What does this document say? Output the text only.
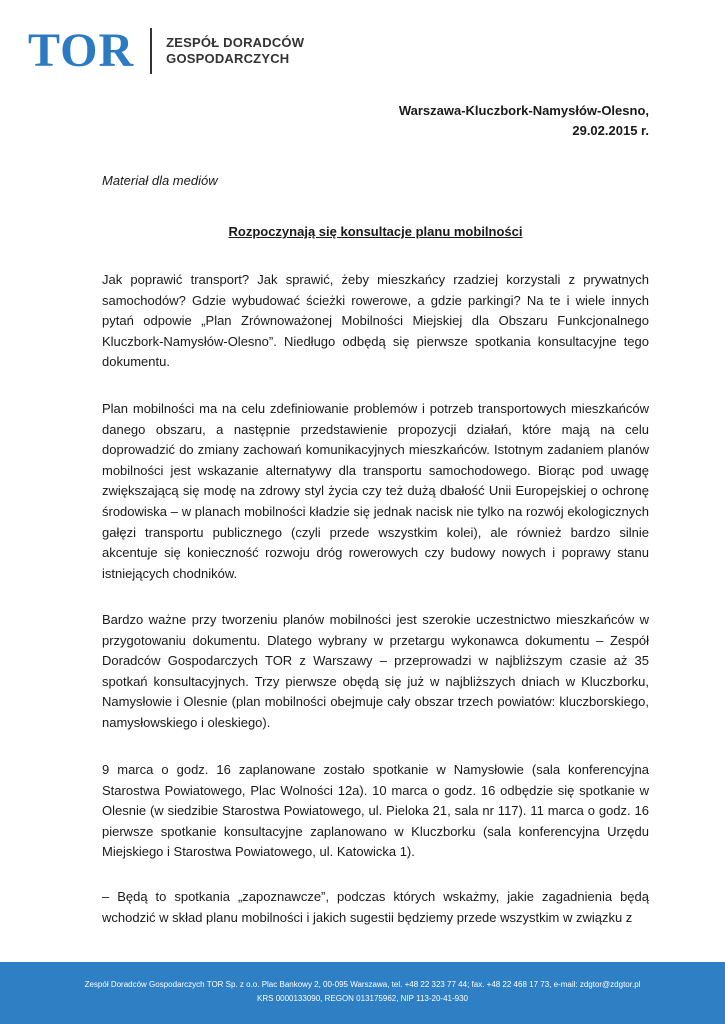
TOR ZESPÓŁ DORADCÓW
GOSPODARCZYCH
Warszawa-Kluczbork-Namysłów-Olesno,
29.02.2015 r.
Materiał dla mediów
Rozpoczynają się konsultacje planu mobilności

Jak poprawić transport? Jak sprawić, żeby mieszkańcy rzadziej korzystali z prywatnych samochodów? Gdzie wybudować ścieżki rowerowe, a gdzie parkingi? Na te i wiele innych pytań odpowie „Plan Zrównoważonej Mobilności Miejskiej dla Obszaru Funkcjonalnego Kluczbork-Namysłów-Olesno”. Niedługo odbędą się pierwsze spotkania konsultacyjne tego dokumentu.

Plan mobilności ma na celu zdefiniowanie problemów i potrzeb transportowych mieszkańców danego obszaru, a następnie przedstawienie propozycji działań, które mają na celu doprowadzić do zmiany zachowań komunikacyjnych mieszkańców. Istotnym zadaniem planów mobilności jest wskazanie alternatywy dla transportu samochodowego. Biorąc pod uwagę zwiększającą się modę na zdrowy styl życia czy też dużą dbałość Unii Europejskiej o ochronę środowiska – w planach mobilności kładzie się jednak nacisk nie tylko na rozwój ekologicznych gałęzi transportu publicznego (czyli przede wszystkim kolei), ale również bardzo silnie akcentuje się konieczność rozwoju dróg rowerowych czy budowy nowych i poprawy stanu istniejących chodników.

Bardzo ważne przy tworzeniu planów mobilności jest szerokie uczestnictwo mieszkańców w przygotowaniu dokumentu. Dlatego wybrany w przetargu wykonawca dokumentu – Zespół Doradców Gospodarczych TOR z Warszawy – przeprowadzi w najbliższym czasie aż 35 spotkań konsultacyjnych. Trzy pierwsze obędą się już w najbliższych dniach w Kluczborku, Namysłowie i Olesnie (plan mobilności obejmuje cały obszar trzech powiatów: kluczborskiego, namysłowskiego i oleskiego).

9 marca o godz. 16 zaplanowane zostało spotkanie w Namysłowie (sala konferencyjna Starostwa Powiatowego, Plac Wolności 12a). 10 marca o godz. 16 odbędzie się spotkanie w Olesnie (w siedzibie Starostwa Powiatowego, ul. Pieloka 21, sala nr 117). 11 marca o godz. 16 pierwsze spotkanie konsultacyjne zaplanowano w Kluczborku (sala konferencyjna Urzędu Miejskiego i Starostwa Powiatowego, ul. Katowicka 1).

– Będą to spotkania „zapoznawcze”, podczas których wskażmy, jakie zagadnienia będą wchodzić w skład planu mobilności i jakich sugestii będziemy przede wszystkim w związku z

Zespół Doradców Gospodarczych TOR Sp. z o.o. Plac Bankowy 2, 00-095 Warszawa, tel. +48 22 323 77 44; fax. +48 22 468 17 73, e-mail: zdgtor@zdgtor.pl
KRS 0000133090, REGON 013175962, NIP 113-20-41-930
